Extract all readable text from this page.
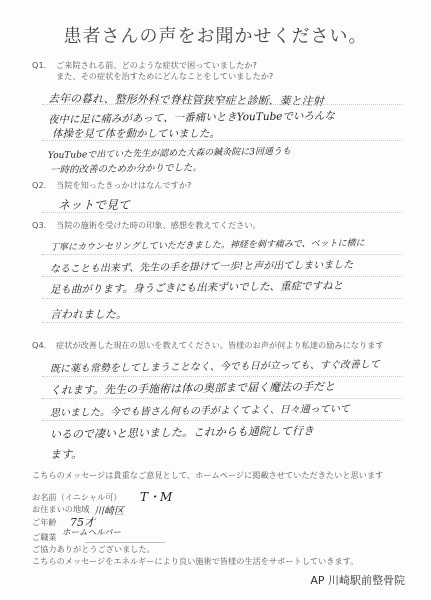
患者さんの声をお聞かせください。
Q1. ご来院される前、どのような症状で困っていましたか?
また、その症状を治すためにどんなことをしていましたか?
去年の暮れ、整形外科で脊柱管狭窄症と診断、薬と注射
夜中に足に痛みがあって、一番痛いときYouTubeでいろんな
体操を見て体を動かしていました。
YouTubeで出ていた先生が認めた大森の鍼灸院に3回通うも
一時的改善のためか分かりでした。
Q2. 当院を知ったきっかけはなんですか?
ネットで見て
Q3. 当院の施術を受けた時の印象、感想を教えてください。
丁寧にカウンセリングしていただきました。神経を刺す痛みで、ベットに横に
なることも出来ず、先生の手を掛けて一歩!と声が出てしまいました
足も曲がります。身うごきにも出来ずいでした、重症ですねと
言われました。
Q4. 症状が改善した現在の思いを教えてください。皆様のお声が何より私達の励みになります
既に薬も常勢をしてしまうことなく、今でも日が立っても、すぐ改善して
くれます。先生の手施術は体の奥部まで届く魔法の手だと
思いました。今でも皆さん何もの手がよくてよく、日々通っていて
いるので凄いと思いました。これからも通院して行き
ます。
こちらのメッセージは貴重なご意見として、ホームページに掲載させていただきたいと思います
お名前（イニシャル可） T・M
お住まいの地域 川崎区
ご年齢 75才
ホームヘルパー
ご職業
ご協力ありがとうございました。
こちらのメッセージをエネルギーにより良い施術で皆様の生活をサポートしていきます。
AP 川崎駅前整骨院
